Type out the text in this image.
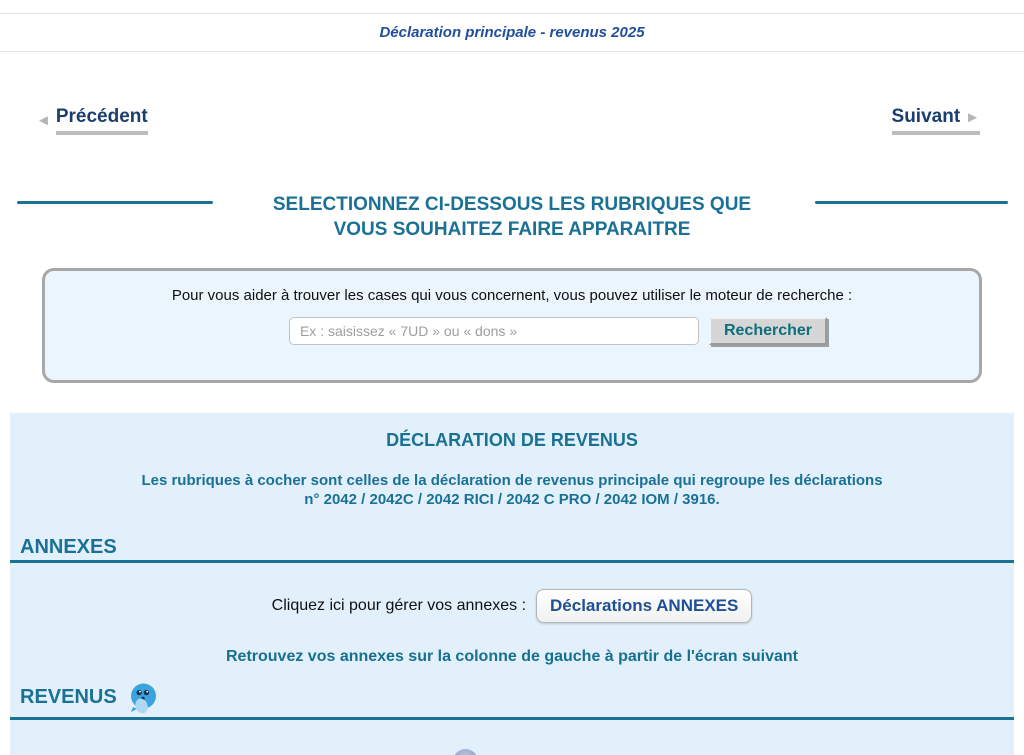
Déclaration principale - revenus 2025
◄ Précédent	Suivant ►
SELECTIONNEZ CI-DESSOUS LES RUBRIQUES QUE
VOUS SOUHAITEZ FAIRE APPARAITRE
Pour vous aider à trouver les cases qui vous concernent, vous pouvez utiliser le moteur de recherche :
Ex : saisissez « 7UD » ou « dons »
Rechercher
DÉCLARATION DE REVENUS
Les rubriques à cocher sont celles de la déclaration de revenus principale qui regroupe les déclarations
n° 2042 / 2042C / 2042 RICI / 2042 C PRO / 2042 IOM / 3916.
ANNEXES
Cliquez ici pour gérer vos annexes :	Déclarations ANNEXES
Retrouvez vos annexes sur la colonne de gauche à partir de l'écran suivant
REVENUS
